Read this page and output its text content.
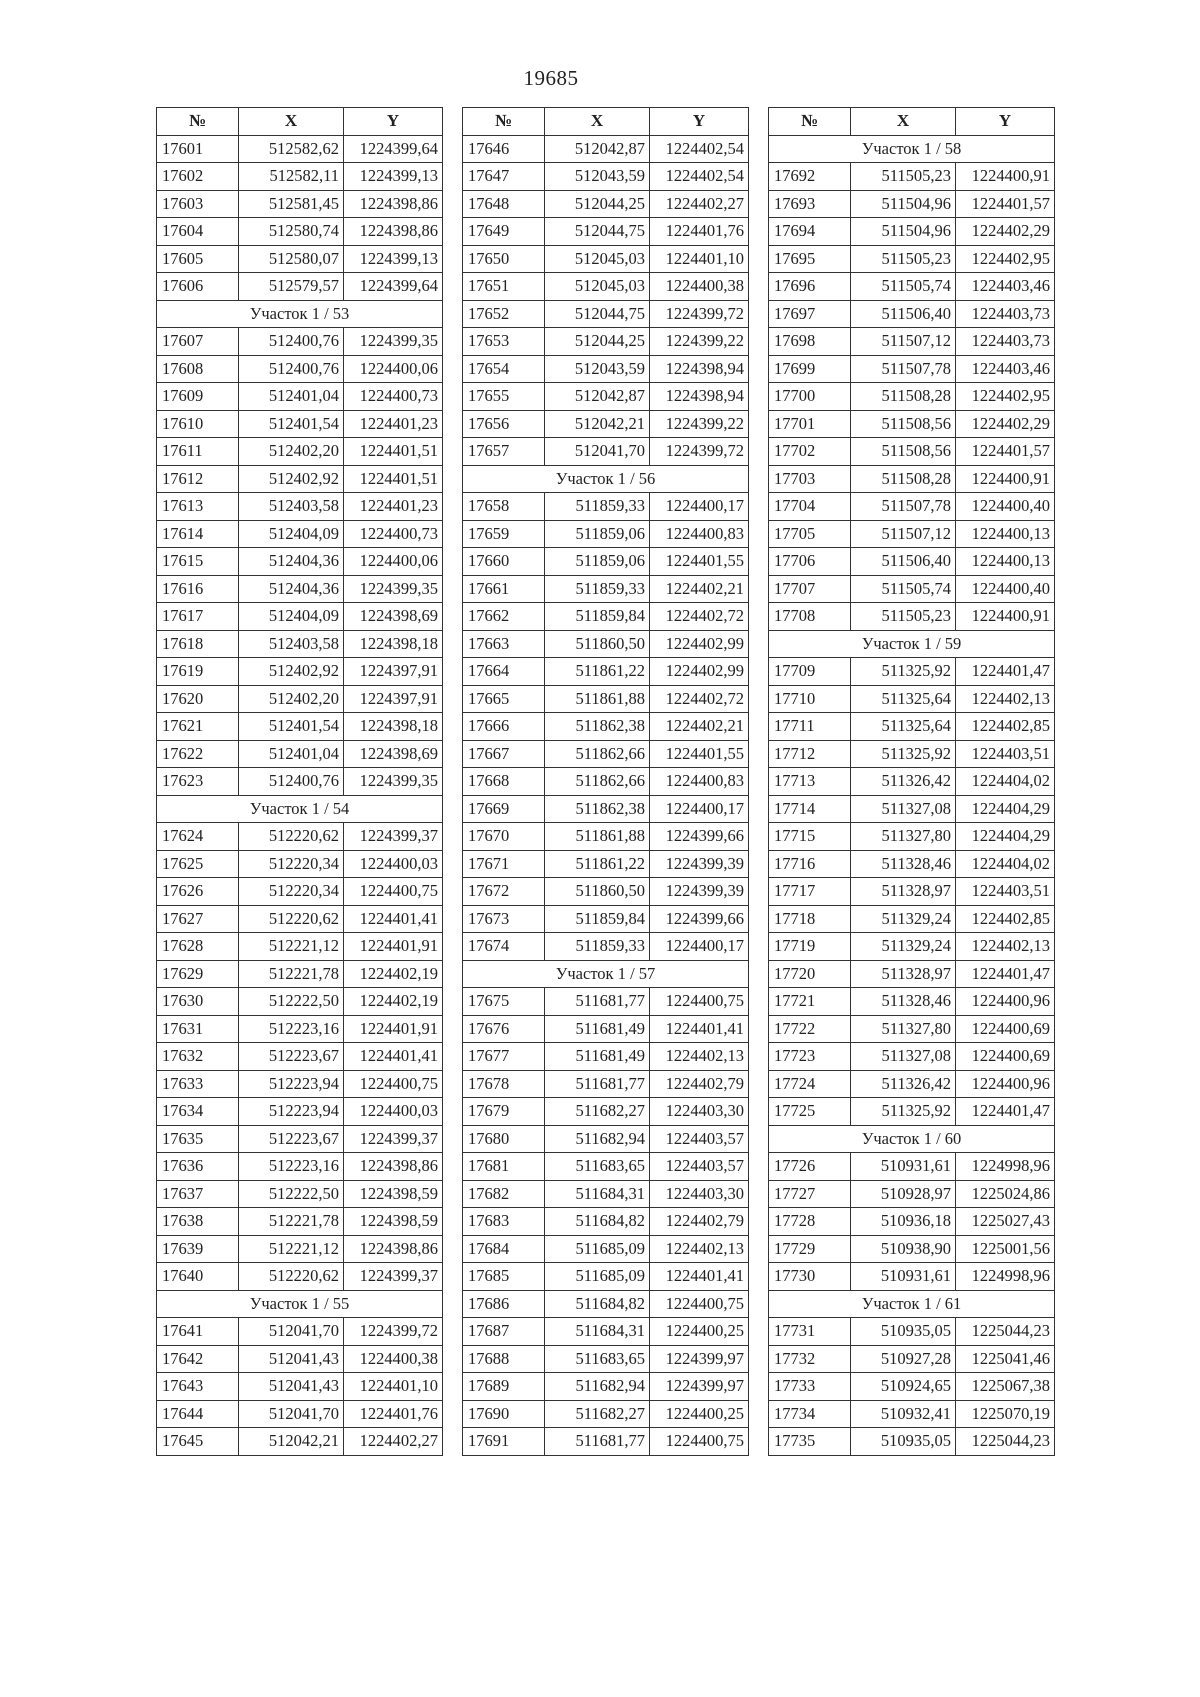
19685
№	X	Y
17601	512582,62	1224399,64
17602	512582,11	1224399,13
17603	512581,45	1224398,86
17604	512580,74	1224398,86
17605	512580,07	1224399,13
17606	512579,57	1224399,64
Участок 1 / 53		
17607	512400,76	1224399,35
17608	512400,76	1224400,06
17609	512401,04	1224400,73
17610	512401,54	1224401,23
17611	512402,20	1224401,51
17612	512402,92	1224401,51
17613	512403,58	1224401,23
17614	512404,09	1224400,73
17615	512404,36	1224400,06
17616	512404,36	1224399,35
17617	512404,09	1224398,69
17618	512403,58	1224398,18
17619	512402,92	1224397,91
17620	512402,20	1224397,91
17621	512401,54	1224398,18
17622	512401,04	1224398,69
17623	512400,76	1224399,35
Участок 1 / 54		
17624	512220,62	1224399,37
17625	512220,34	1224400,03
17626	512220,34	1224400,75
17627	512220,62	1224401,41
17628	512221,12	1224401,91
17629	512221,78	1224402,19
17630	512222,50	1224402,19
17631	512223,16	1224401,91
17632	512223,67	1224401,41
17633	512223,94	1224400,75
17634	512223,94	1224400,03
17635	512223,67	1224399,37
17636	512223,16	1224398,86
17637	512222,50	1224398,59
17638	512221,78	1224398,59
17639	512221,12	1224398,86
17640	512220,62	1224399,37
Участок 1 / 55		
17641	512041,70	1224399,72
17642	512041,43	1224400,38
17643	512041,43	1224401,10
17644	512041,70	1224401,76
17645	512042,21	1224402,27
№	X	Y
17646	512042,87	1224402,54
17647	512043,59	1224402,54
17648	512044,25	1224402,27
17649	512044,75	1224401,76
17650	512045,03	1224401,10
17651	512045,03	1224400,38
17652	512044,75	1224399,72
17653	512044,25	1224399,22
17654	512043,59	1224398,94
17655	512042,87	1224398,94
17656	512042,21	1224399,22
17657	512041,70	1224399,72
Участок 1 / 56		
17658	511859,33	1224400,17
17659	511859,06	1224400,83
17660	511859,06	1224401,55
17661	511859,33	1224402,21
17662	511859,84	1224402,72
17663	511860,50	1224402,99
17664	511861,22	1224402,99
17665	511861,88	1224402,72
17666	511862,38	1224402,21
17667	511862,66	1224401,55
17668	511862,66	1224400,83
17669	511862,38	1224400,17
17670	511861,88	1224399,66
17671	511861,22	1224399,39
17672	511860,50	1224399,39
17673	511859,84	1224399,66
17674	511859,33	1224400,17
Участок 1 / 57		
17675	511681,77	1224400,75
17676	511681,49	1224401,41
17677	511681,49	1224402,13
17678	511681,77	1224402,79
17679	511682,27	1224403,30
17680	511682,94	1224403,57
17681	511683,65	1224403,57
17682	511684,31	1224403,30
17683	511684,82	1224402,79
17684	511685,09	1224402,13
17685	511685,09	1224401,41
17686	511684,82	1224400,75
17687	511684,31	1224400,25
17688	511683,65	1224399,97
17689	511682,94	1224399,97
17690	511682,27	1224400,25
17691	511681,77	1224400,75
№	X	Y
Участок 1 / 58		
17692	511505,23	1224400,91
17693	511504,96	1224401,57
17694	511504,96	1224402,29
17695	511505,23	1224402,95
17696	511505,74	1224403,46
17697	511506,40	1224403,73
17698	511507,12	1224403,73
17699	511507,78	1224403,46
17700	511508,28	1224402,95
17701	511508,56	1224402,29
17702	511508,56	1224401,57
17703	511508,28	1224400,91
17704	511507,78	1224400,40
17705	511507,12	1224400,13
17706	511506,40	1224400,13
17707	511505,74	1224400,40
17708	511505,23	1224400,91
Участок 1 / 59		
17709	511325,92	1224401,47
17710	511325,64	1224402,13
17711	511325,64	1224402,85
17712	511325,92	1224403,51
17713	511326,42	1224404,02
17714	511327,08	1224404,29
17715	511327,80	1224404,29
17716	511328,46	1224404,02
17717	511328,97	1224403,51
17718	511329,24	1224402,85
17719	511329,24	1224402,13
17720	511328,97	1224401,47
17721	511328,46	1224400,96
17722	511327,80	1224400,69
17723	511327,08	1224400,69
17724	511326,42	1224400,96
17725	511325,92	1224401,47
Участок 1 / 60		
17726	510931,61	1224998,96
17727	510928,97	1225024,86
17728	510936,18	1225027,43
17729	510938,90	1225001,56
17730	510931,61	1224998,96
Участок 1 / 61		
17731	510935,05	1225044,23
17732	510927,28	1225041,46
17733	510924,65	1225067,38
17734	510932,41	1225070,19
17735	510935,05	1225044,23
